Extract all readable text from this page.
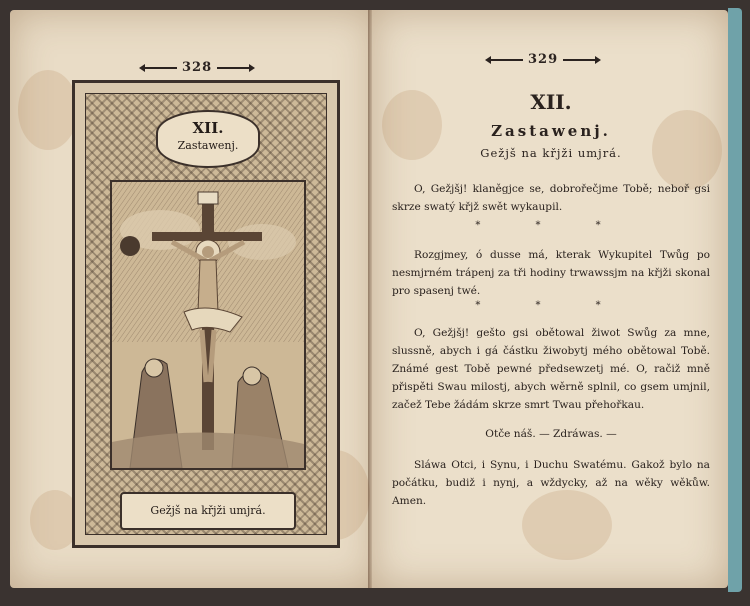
328
XII.
Zastawenj.
Gežjš na křjži umjrá.
329
XII.
Zastawenj.
Gežjš na křjži umjrá.
O, Gežjšj! klaněgjce se, dobrořečjme Tobě; neboř gsi skrze swatý křjž swět wykaupil.
* * *
Rozgjmey, ó dusse má, kterak Wykupitel Twůg po nesmjrném trápenj za tři hodiny trwawssjm na křjži skonal pro spasenj twé.
* * *
O, Gežjšj! gešto gsi obětowal žiwot Swůg za mne, slussně, abych i gá částku žiwobytj mého obětowal Tobě. Známé gest Tobě pewné předsewzetj mé. O, račiž mně přispěti Swau milostj, abych wěrně splnil, co gsem umjnil, začež Tebe žádám skrze smrt Twau přehořkau.
Otče náš. — Zdráwas. —
Sláwa Otci, i Synu, i Duchu Swatému. Gakož bylo na počátku, budiž i nynj, a wždycky, až na wěky wěkůw. Amen.
